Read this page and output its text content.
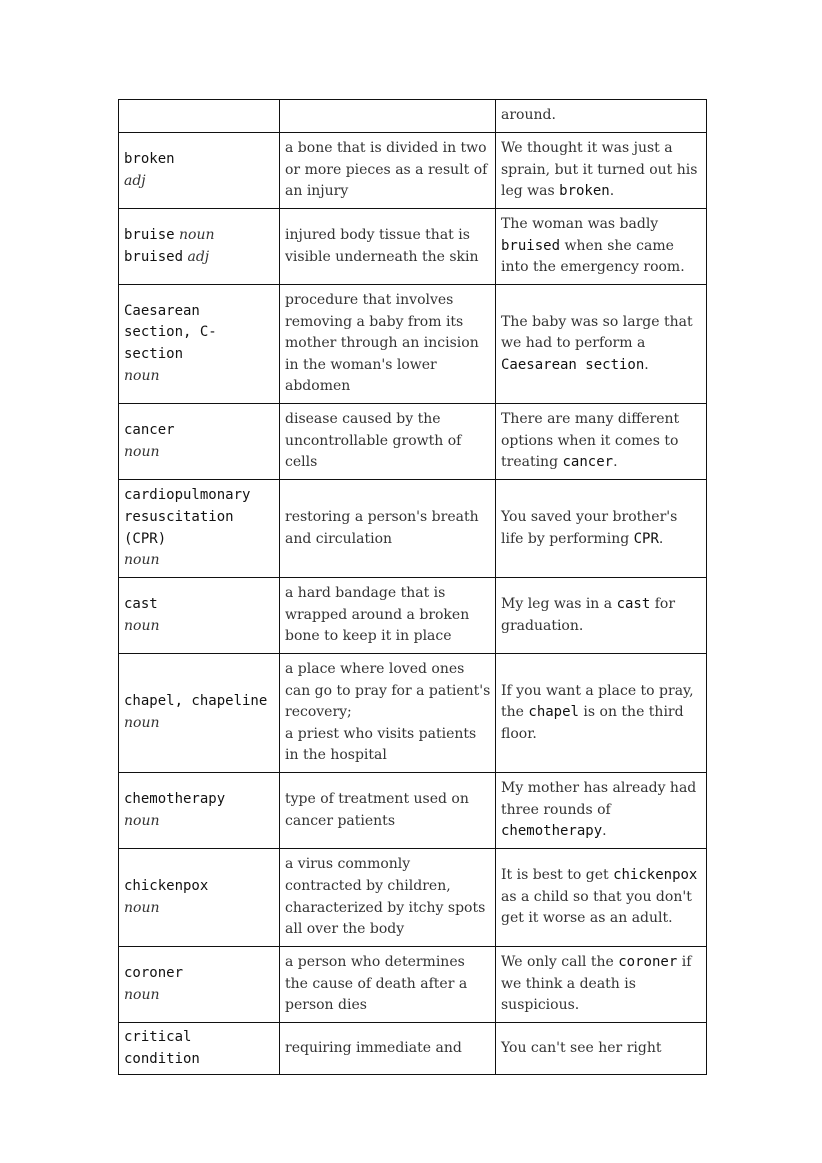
		around.

broken
adj	a bone that is divided in two or more pieces as a result of an injury	We thought it was just a sprain, but it turned out his leg was broken.

bruise noun
bruised adj	injured body tissue that is visible underneath the skin	The woman was badly bruised when she came into the emergency room.

Caesarean section, C-section
noun	procedure that involves removing a baby from its mother through an incision in the woman's lower abdomen	The baby was so large that we had to perform a Caesarean section.

cancer
noun	disease caused by the uncontrollable growth of cells	There are many different options when it comes to treating cancer.

cardiopulmonary resuscitation (CPR)
noun	restoring a person's breath and circulation	You saved your brother's life by performing CPR.

cast
noun	a hard bandage that is wrapped around a broken bone to keep it in place	My leg was in a cast for graduation.

chapel, chapeline
noun	a place where loved ones can go to pray for a patient's recovery;
a priest who visits patients in the hospital	If you want a place to pray, the chapel is on the third floor.

chemotherapy
noun	type of treatment used on cancer patients	My mother has already had three rounds of chemotherapy.

chickenpox
noun	a virus commonly contracted by children, characterized by itchy spots all over the body	It is best to get chickenpox as a child so that you don't get it worse as an adult.

coroner
noun	a person who determines the cause of death after a person dies	We only call the coroner if we think a death is suspicious.

critical condition	requiring immediate and	You can't see her right
